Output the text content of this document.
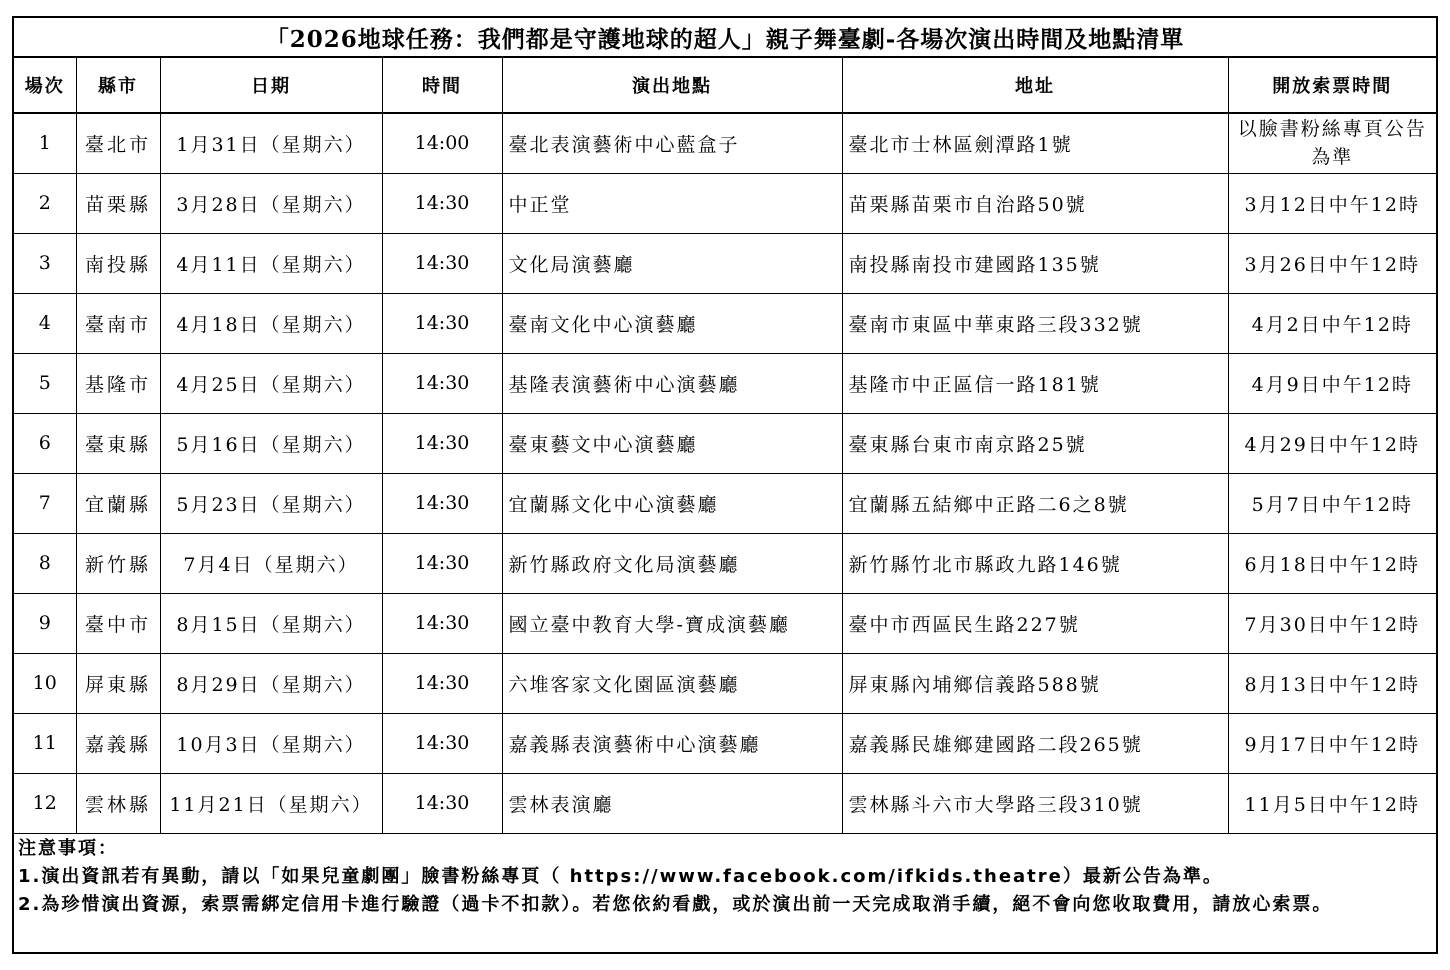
「2026地球任務：我們都是守護地球的超人」親子舞臺劇-各場次演出時間及地點清單
場次	縣市	日期	時間	演出地點	地址	開放索票時間
1	臺北市	1月31日（星期六）	14:00	臺北表演藝術中心藍盒子	臺北市士林區劍潭路1號	以臉書粉絲專頁公告為準
2	苗栗縣	3月28日（星期六）	14:30	中正堂	苗栗縣苗栗市自治路50號	3月12日中午12時
3	南投縣	4月11日（星期六）	14:30	文化局演藝廳	南投縣南投市建國路135號	3月26日中午12時
4	臺南市	4月18日（星期六）	14:30	臺南文化中心演藝廳	臺南市東區中華東路三段332號	4月2日中午12時
5	基隆市	4月25日（星期六）	14:30	基隆表演藝術中心演藝廳	基隆市中正區信一路181號	4月9日中午12時
6	臺東縣	5月16日（星期六）	14:30	臺東藝文中心演藝廳	臺東縣台東市南京路25號	4月29日中午12時
7	宜蘭縣	5月23日（星期六）	14:30	宜蘭縣文化中心演藝廳	宜蘭縣五結鄉中正路二6之8號	5月7日中午12時
8	新竹縣	7月4日（星期六）	14:30	新竹縣政府文化局演藝廳	新竹縣竹北市縣政九路146號	6月18日中午12時
9	臺中市	8月15日（星期六）	14:30	國立臺中教育大學-寶成演藝廳	臺中市西區民生路227號	7月30日中午12時
10	屏東縣	8月29日（星期六）	14:30	六堆客家文化園區演藝廳	屏東縣內埔鄉信義路588號	8月13日中午12時
11	嘉義縣	10月3日（星期六）	14:30	嘉義縣表演藝術中心演藝廳	嘉義縣民雄鄉建國路二段265號	9月17日中午12時
12	雲林縣	11月21日（星期六）	14:30	雲林表演廳	雲林縣斗六市大學路三段310號	11月5日中午12時
注意事項：
1.演出資訊若有異動，請以「如果兒童劇團」臉書粉絲專頁（ https://www.facebook.com/ifkids.theatre）最新公告為準。
2.為珍惜演出資源，索票需綁定信用卡進行驗證（過卡不扣款）。若您依約看戲，或於演出前一天完成取消手續，絕不會向您收取費用，請放心索票。
